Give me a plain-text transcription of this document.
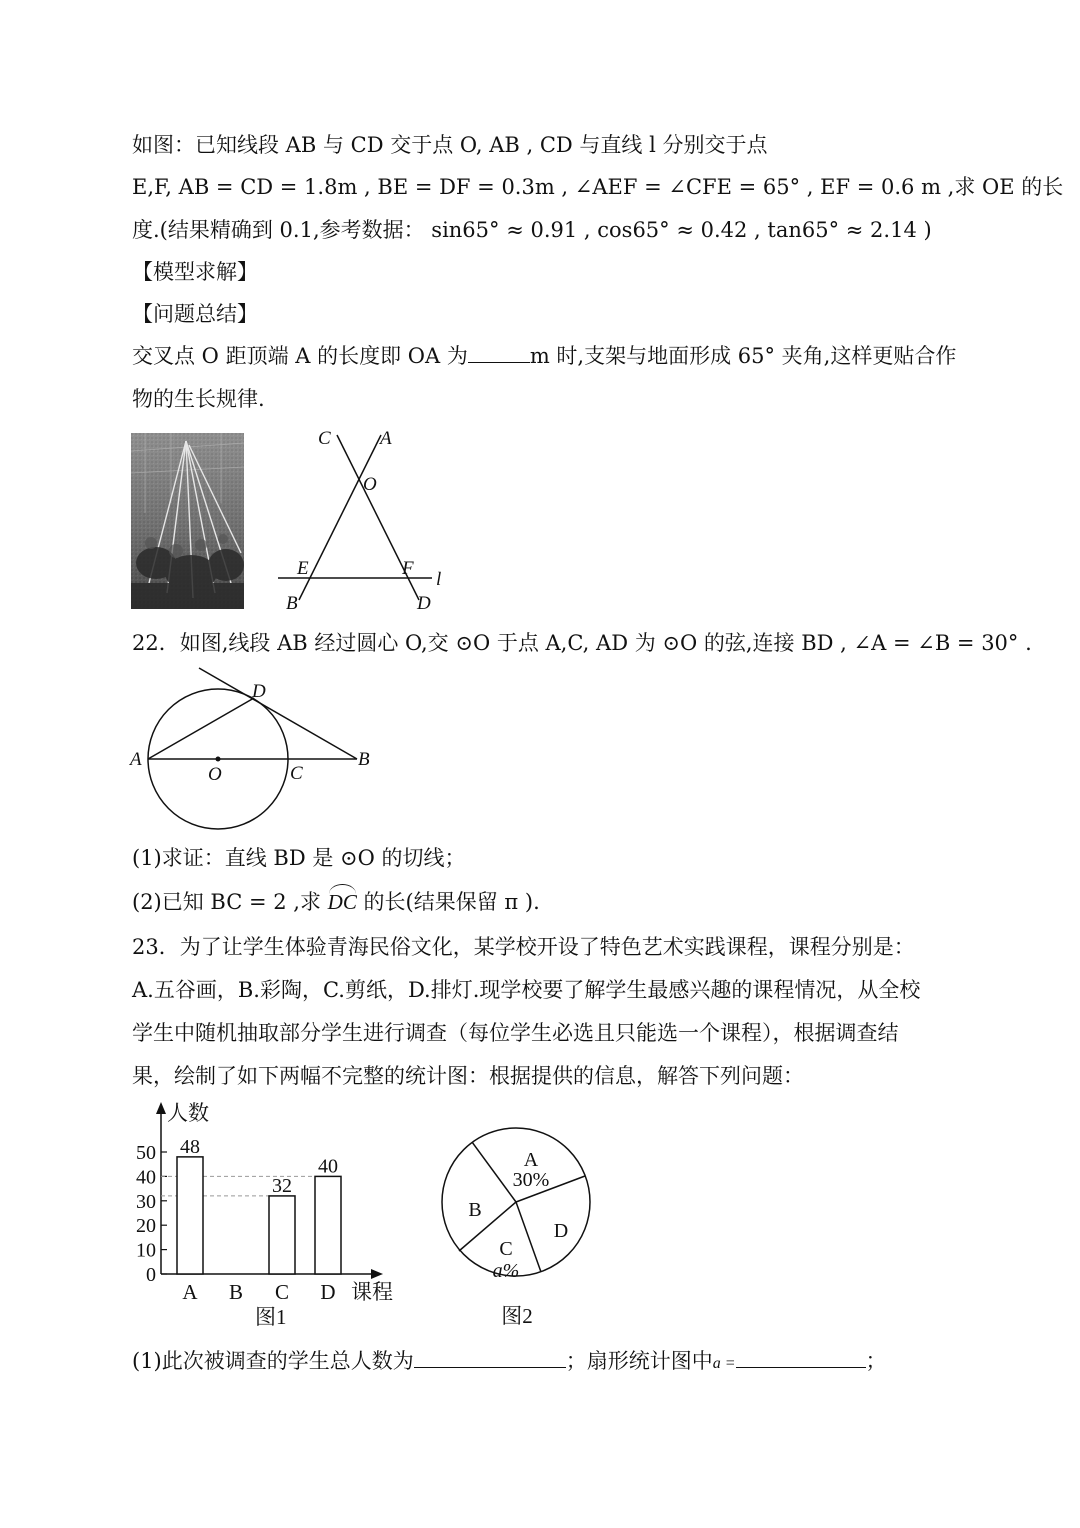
如图：已知线段 AB 与 CD 交于点 O, AB , CD 与直线 l 分别交于点
E,F, AB = CD = 1.8m , BE = DF = 0.3m , ∠AEF = ∠CFE = 65° , EF = 0.6 m ,求 OE 的长
度.(结果精确到 0.1,参考数据： sin65° ≈ 0.91 , cos65° ≈ 0.42 , tan65° ≈ 2.14 )
【模型求解】
【问题总结】
交叉点 O 距顶端 A 的长度即 OA 为	m 时,支架与地面形成 65° 夹角,这样更贴合作
物的生长规律.
C	A
O
E	F
l
B	D
22．如图,线段 AB 经过圆心 O,交 ⊙O 于点 A,C, AD 为 ⊙O 的弦,连接 BD , ∠A = ∠B = 30° .
A	B
C
D
O
(1)求证：直线 BD 是 ⊙O 的切线；
(2)已知 BC = 2 ,求 DC 的长(结果保留 π ).
23．为了让学生体验青海民俗文化，某学校开设了特色艺术实践课程，课程分别是：
A.五谷画，B.彩陶，C.剪纸，D.排灯.现学校要了解学生最感兴趣的课程情况，从全校
学生中随机抽取部分学生进行调查（每位学生必选且只能选一个课程），根据调查结
果，绘制了如下两幅不完整的统计图：根据提供的信息，解答下列问题：
人数
课程
图1
0
10
20
30
40
50
A B C D
48
32
40	A
30%
B
C
a%
D
图2
(1)此次被调查的学生总人数为	；扇形统计图中a =	；
